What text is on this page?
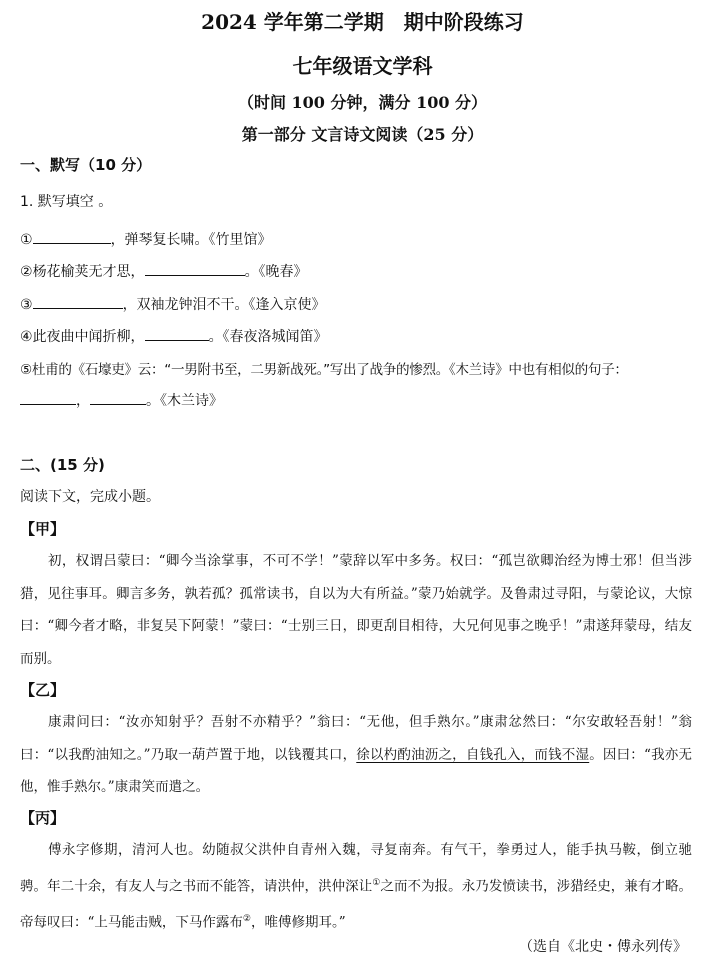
2024 学年第二学期　期中阶段练习
七年级语文学科
（时间 100 分钟，满分 100 分）
第一部分 文言诗文阅读（25 分）
一、默写（10 分）
1. 默写填空 。
①	，弹琴复长啸。《竹里馆》
②杨花榆荚无才思，	。《晚春》
③	，双袖龙钟泪不干。《逢入京使》
④此夜曲中闻折柳，	。《春夜洛城闻笛》
⑤杜甫的《石壕吏》云：“一男附书至，二男新战死。”写出了战争的惨烈。《木兰诗》中也有相似的句子：
，	。《木兰诗》
二、(15 分)
阅读下文，完成小题。
【甲】
初，权谓吕蒙曰：“卿今当涂掌事，不可不学！”蒙辞以军中多务。权曰：“孤岂欲卿治经为博士邪！但当涉猎，见往事耳。卿言多务，孰若孤？孤常读书，自以为大有所益。”蒙乃始就学。及鲁肃过寻阳，与蒙论议，大惊曰：“卿今者才略，非复吴下阿蒙！”蒙曰：“士别三日，即更刮目相待，大兄何见事之晚乎！”肃遂拜蒙母，结友而别。
【乙】
康肃问曰：“汝亦知射乎？吾射不亦精乎？”翁曰：“无他，但手熟尔。”康肃忿然曰：“尔安敢轻吾射！”翁曰：“以我酌油知之。”乃取一葫芦置于地，以钱覆其口，徐以杓酌油沥之，自钱孔入，而钱不湿。因曰：“我亦无他，惟手熟尔。”康肃笑而遣之。
【丙】
傅永字修期，清河人也。幼随叔父洪仲自青州入魏，寻复南奔。有气干，拳勇过人，能手执马鞍，倒立驰骋。年二十余，有友人与之书而不能答，请洪仲，洪仲深让①之而不为报。永乃发愤读书，涉猎经史，兼有才略。帝每叹曰：“上马能击贼，下马作露布②，唯傅修期耳。”
（选自《北史・傅永列传》
